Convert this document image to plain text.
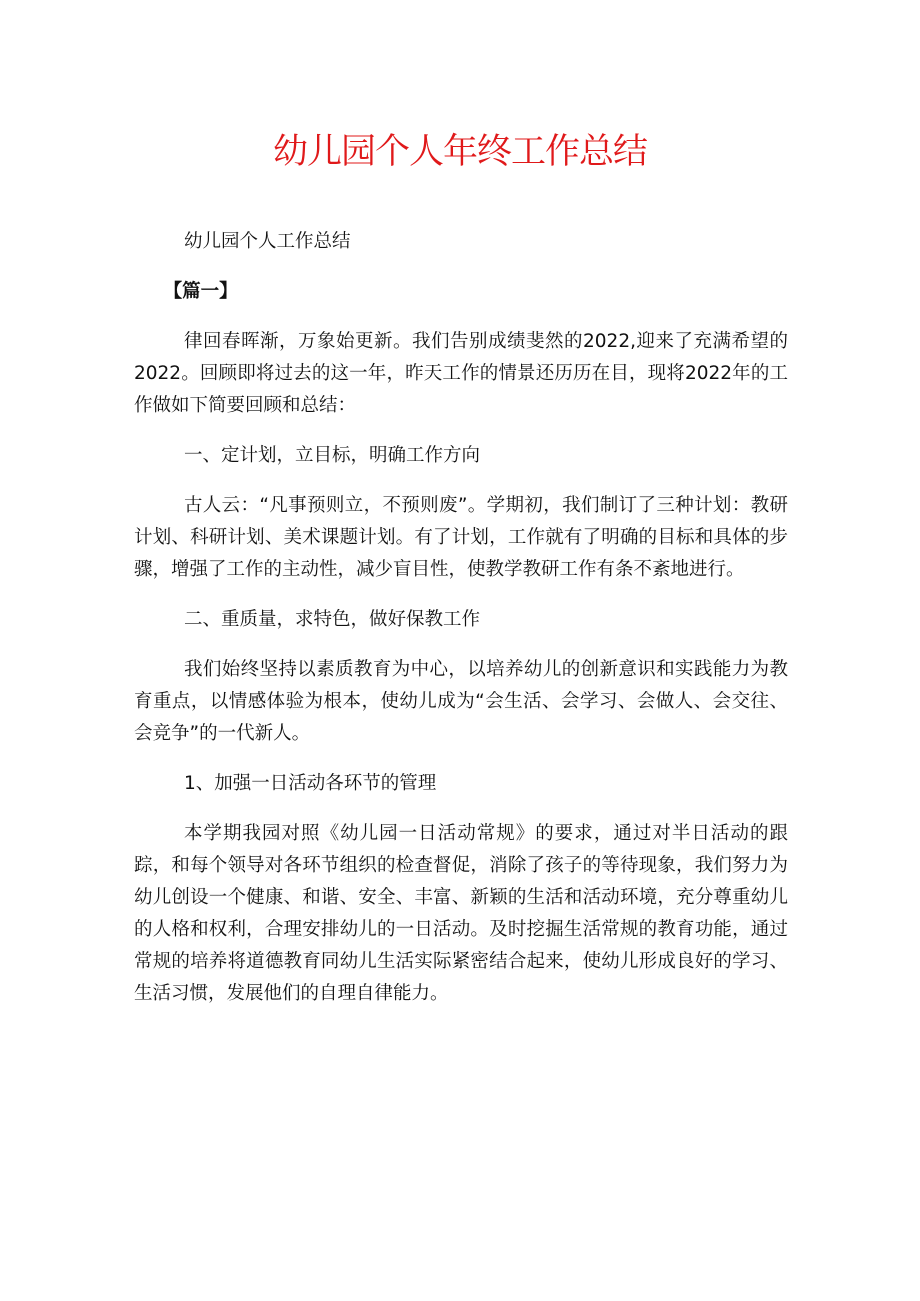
幼儿园个人年终工作总结

幼儿园个人工作总结

【篇一】

律回春晖渐，万象始更新。我们告别成绩斐然的2022,迎来了充满希望的2022。回顾即将过去的这一年，昨天工作的情景还历历在目，现将2022年的工作做如下简要回顾和总结：

一、定计划，立目标，明确工作方向

古人云：“凡事预则立，不预则废”。学期初，我们制订了三种计划：教研计划、科研计划、美术课题计划。有了计划，工作就有了明确的目标和具体的步骤，增强了工作的主动性，减少盲目性，使教学教研工作有条不紊地进行。

二、重质量，求特色，做好保教工作

我们始终坚持以素质教育为中心，以培养幼儿的创新意识和实践能力为教育重点，以情感体验为根本，使幼儿成为“会生活、会学习、会做人、会交往、会竞争”的一代新人。

1、加强一日活动各环节的管理

本学期我园对照《幼儿园一日活动常规》的要求，通过对半日活动的跟踪，和每个领导对各环节组织的检查督促，消除了孩子的等待现象，我们努力为幼儿创设一个健康、和谐、安全、丰富、新颖的生活和活动环境，充分尊重幼儿的人格和权利，合理安排幼儿的一日活动。及时挖掘生活常规的教育功能，通过常规的培养将道德教育同幼儿生活实际紧密结合起来，使幼儿形成良好的学习、生活习惯，发展他们的自理自律能力。
